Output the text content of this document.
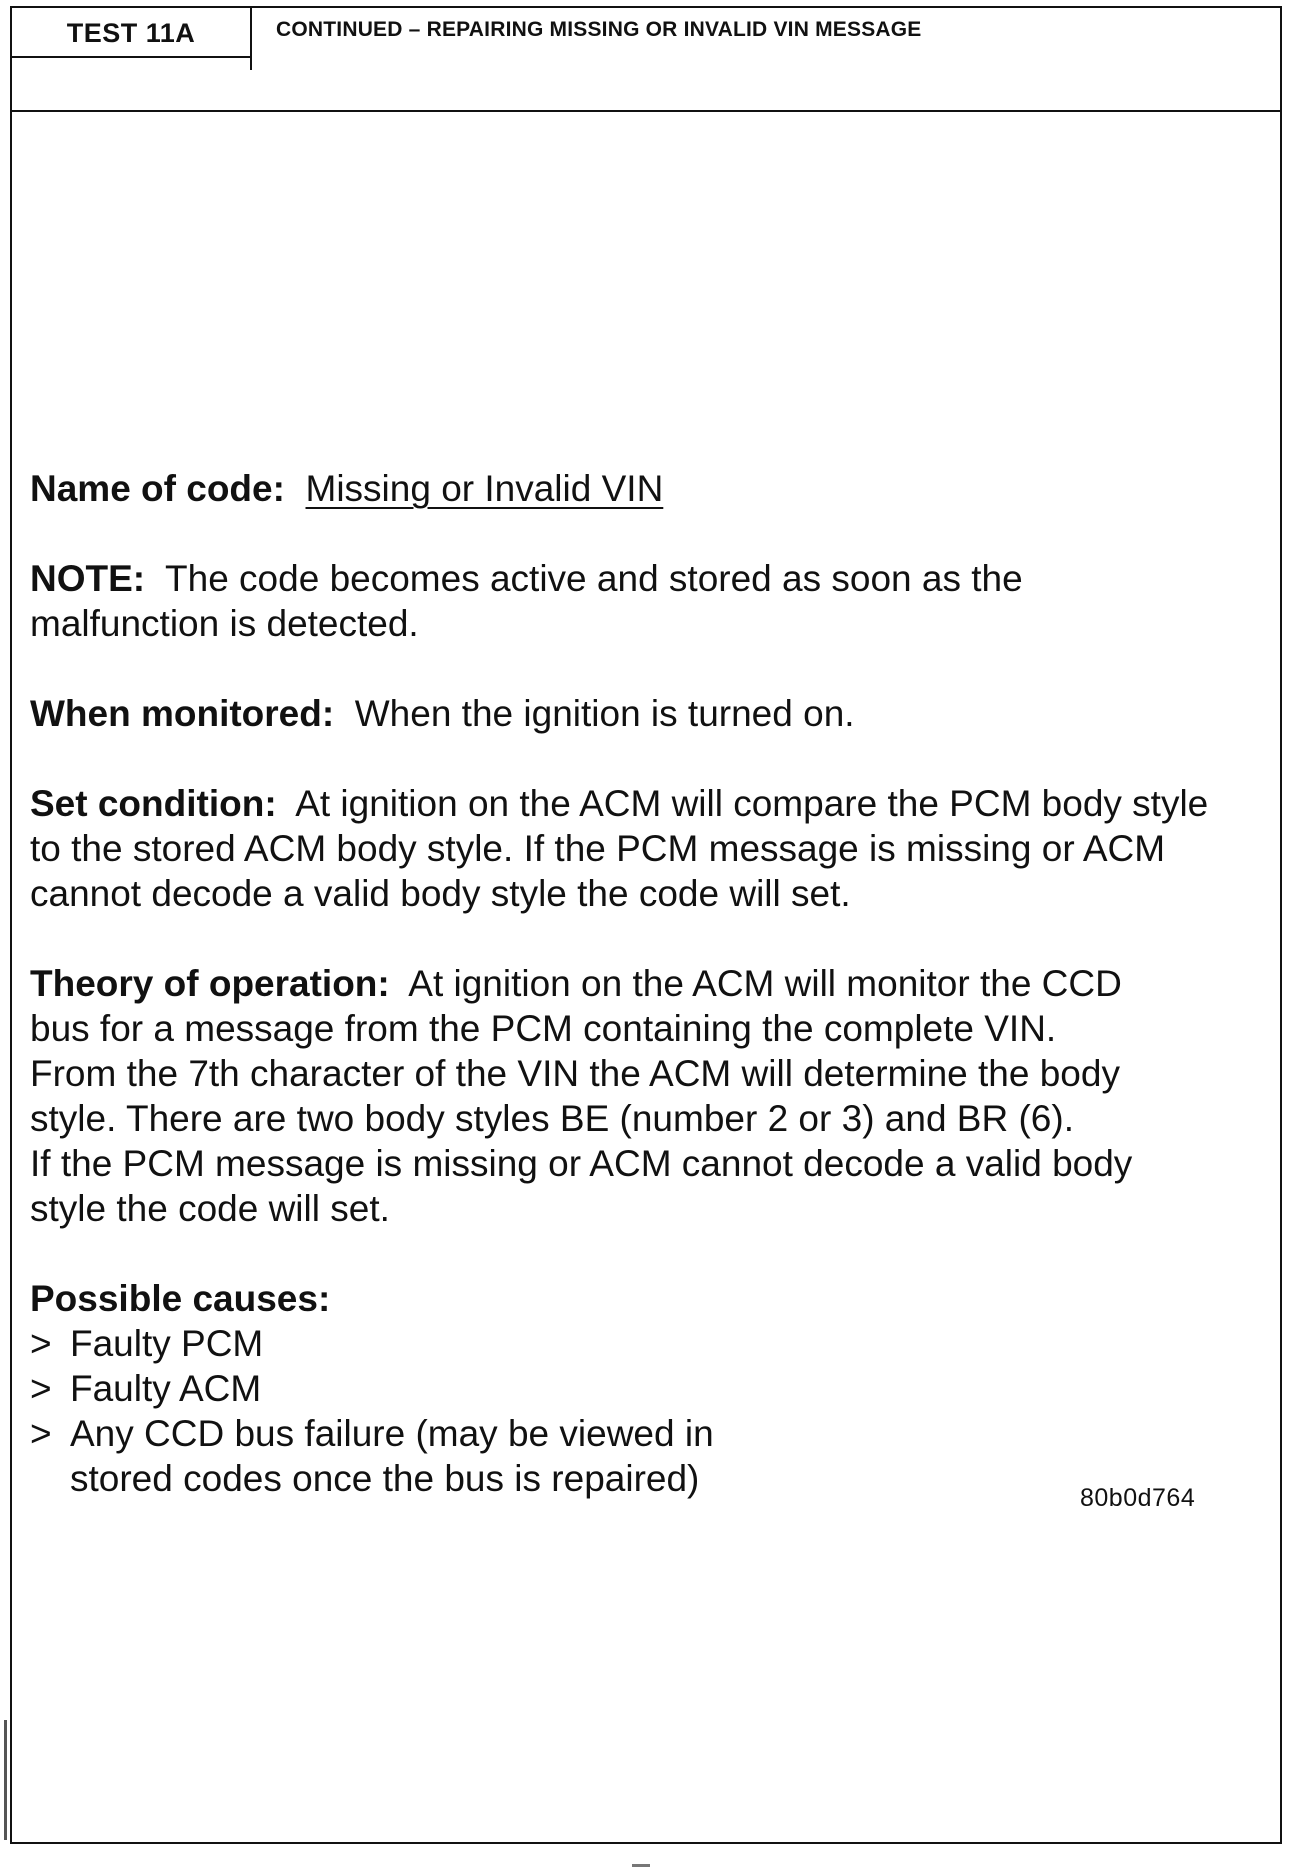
TEST 11A	CONTINUED – REPAIRING MISSING OR INVALID VIN MESSAGE

Name of code: Missing or Invalid VIN

NOTE: The code becomes active and stored as soon as the malfunction is detected.

When monitored: When the ignition is turned on.

Set condition: At ignition on the ACM will compare the PCM body style to the stored ACM body style. If the PCM message is missing or ACM cannot decode a valid body style the code will set.

Theory of operation: At ignition on the ACM will monitor the CCD
bus for a message from the PCM containing the complete VIN.
From the 7th character of the VIN the ACM will determine the body
style. There are two body styles BE (number 2 or 3) and BR (6).
If the PCM message is missing or ACM cannot decode a valid body
style the code will set.

Possible causes:

> Faulty PCM

> Faulty ACM

> Any CCD bus failure (may be viewed in
stored codes once the bus is repaired)	80b0d764
